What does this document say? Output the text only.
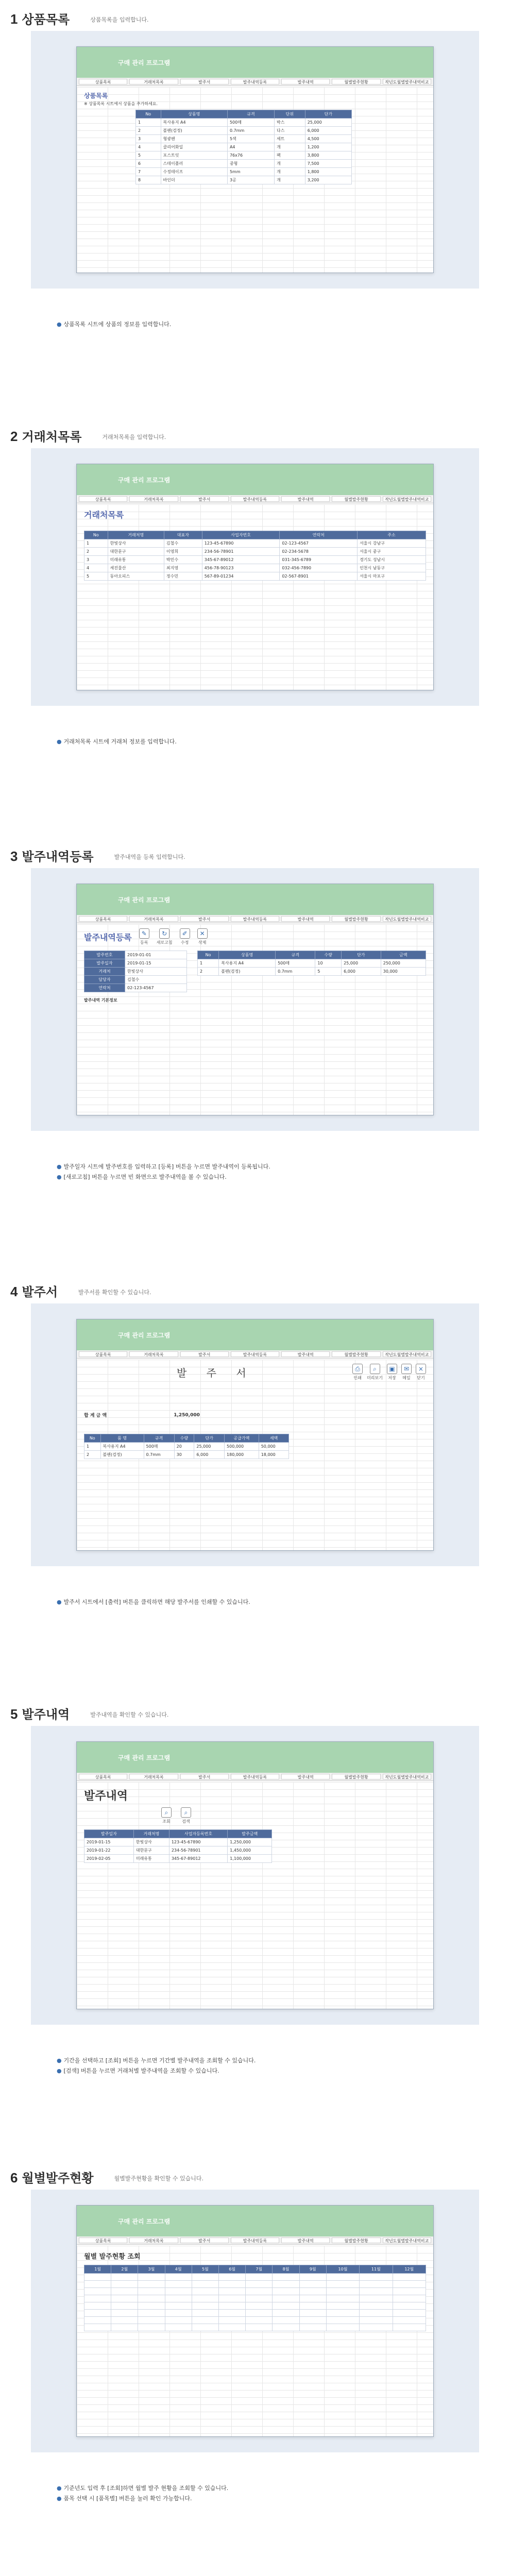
1 상품목록	상품목록을 입력합니다.
구매 관리 프로그램
상품목록	거래처목록	발주서	발주내역등록	발주내역	월별발주현황	작년도월별발주내역비교
상품목록
※ 상품목록 시트에서 상품을 추가하세요.
No	상품명	규격	단위	단가
1	복사용지 A4	500매	박스	25,000
2	볼펜(검정)	0.7mm	다스	6,000
3	형광펜	5색	세트	4,500
4	클리어화일	A4	개	1,200
5	포스트잇	76x76	팩	3,800
6	스테이플러	중형	개	7,500
7	수정테이프	5mm	개	1,800
8	바인더	3공	개	3,200
● 상품목록 시트에 상품의 정보를 입력합니다.
2 거래처목록	거래처목록을 입력합니다.
구매 관리 프로그램
상품목록	거래처목록	발주서	발주내역등록	발주내역	월별발주현황	작년도월별발주내역비교
거래처목록
No	거래처명	대표자	사업자번호	연락처	주소
1	한빛상사	김철수	123-45-67890	02-123-4567	서울시 강남구
2	대한문구	이영희	234-56-78901	02-234-5678	서울시 중구
3	미래유통	박민수	345-67-89012	031-345-6789	경기도 성남시
4	세진물산	최지영	456-78-90123	032-456-7890	인천시 남동구
5	동아오피스	정수민	567-89-01234	02-567-8901	서울시 마포구
● 거래처목록 시트에 거래처 정보를 입력합니다.
3 발주내역등록	발주내역을 등록 입력합니다.
구매 관리 프로그램
상품목록	거래처목록	발주서	발주내역등록	발주내역	월별발주현황	작년도월별발주내역비교
발주내역등록	✎
등록
↻
새로고침
✐
수정
✕
삭제
발주번호	2019-01-01
발주일자	2019-01-15
거래처	한빛상사
담당자	김철수
연락처	02-123-4567
발주내역 기본정보
No	상품명	규격	수량	단가	금액
1	복사용지 A4	500매	10	25,000	250,000
2	볼펜(검정)	0.7mm	5	6,000	30,000
● 발주일자 시트에 발주번호를 입력하고 [등록] 버튼을 누르면 발주내역이 등록됩니다.
● [새로고침] 버튼을 누르면 빈 화면으로 발주내역을 볼 수 있습니다.
4 발주서	발주서를 확인할 수 있습니다.
구매 관리 프로그램
상품목록	거래처목록	발주서	발주내역등록	발주내역	월별발주현황	작년도월별발주내역비교
발 주 서	⎙
인쇄
⌕
미리보기
▣
저장
✉
메일
×
닫기
합 계 금 액	1,250,000
No	품 명	규격	수량	단가	공급가액	세액
1	복사용지 A4	500매	20	25,000	500,000	50,000
2	볼펜(검정)	0.7mm	30	6,000	180,000	18,000
● 발주서 시트에서 [출력] 버튼을 클릭하면 해당 발주서를 인쇄할 수 있습니다.
5 발주내역	발주내역을 확인할 수 있습니다.
구매 관리 프로그램
상품목록	거래처목록	발주서	발주내역등록	발주내역	월별발주현황	작년도월별발주내역비교
발주내역
⌕
조회
⌕
검색
발주일자	거래처명	사업자등록번호	발주금액
2019-01-15	한빛상사	123-45-67890	1,250,000
2019-01-22	대한문구	234-56-78901	1,450,000
2019-02-05	미래유통	345-67-89012	1,100,000
● 기간을 선택하고 [조회] 버튼을 누르면 기간별 발주내역을 조회할 수 있습니다.
● [검색] 버튼을 누르면 거래처별 발주내역을 조회할 수 있습니다.
6 월별발주현황	월별발주현황을 확인할 수 있습니다.
구매 관리 프로그램
상품목록	거래처목록	발주서	발주내역등록	발주내역	월별발주현황	작년도월별발주내역비교
월별 발주현황 조회
1월	2월	3월	4월	5월	6월	7월	8월	9월	10월	11월	12월

● 기준년도 입력 후 [조회]하면 월별 발주 현황을 조회할 수 있습니다.
● 품목 선택 시 [품목별] 버튼을 눌러 확인 가능합니다.
